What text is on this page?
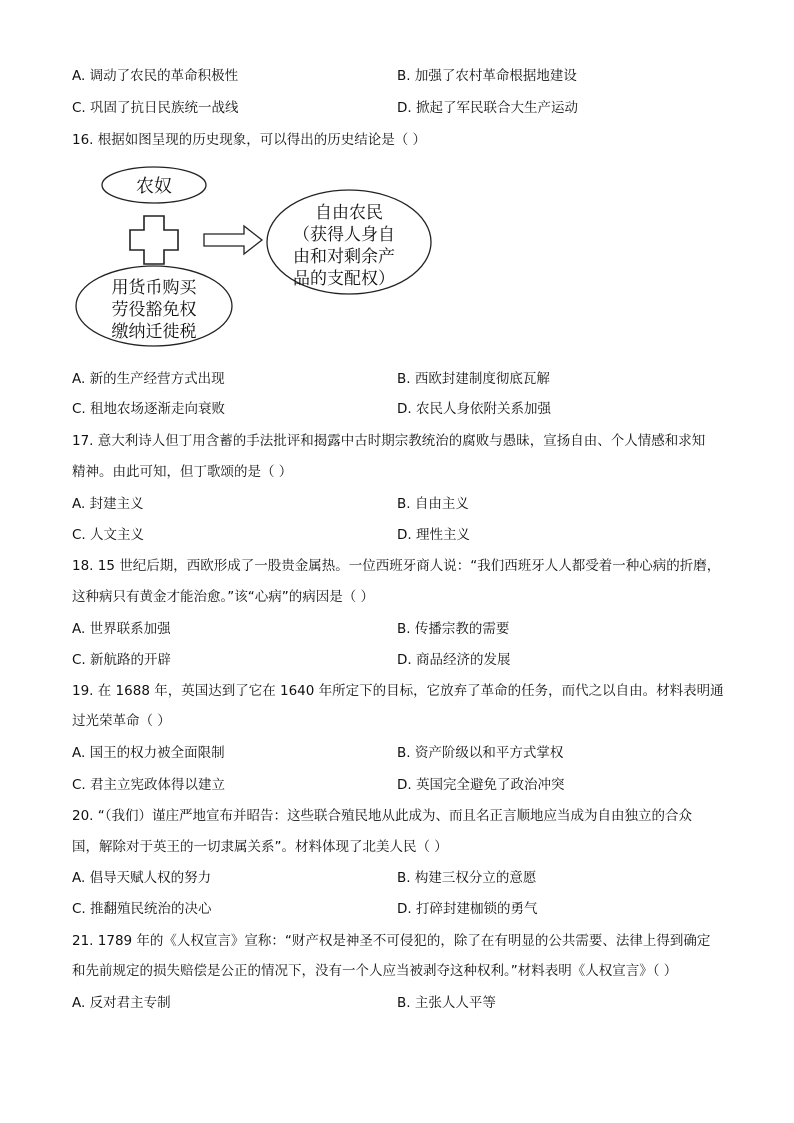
A. 调动了农民的革命积极性	B. 加强了农村革命根据地建设
C. 巩固了抗日民族统一战线	D. 掀起了军民联合大生产运动
16. 根据如图呈现的历史现象，可以得出的历史结论是（ ）
农奴
用货币购买
劳役豁免权
缴纳迁徙税
自由农民
（获得人身自
由和对剩余产
品的支配权）
A. 新的生产经营方式出现	B. 西欧封建制度彻底瓦解
C. 租地农场逐渐走向衰败	D. 农民人身依附关系加强
17. 意大利诗人但丁用含蓄的手法批评和揭露中古时期宗教统治的腐败与愚昧，宣扬自由、个人情感和求知
精神。由此可知，但丁歌颂的是（ ）
A. 封建主义	B. 自由主义
C. 人文主义	D. 理性主义
18. 15 世纪后期，西欧形成了一股贵金属热。一位西班牙商人说：“我们西班牙人人都受着一种心病的折磨，
这种病只有黄金才能治愈。”该“心病”的病因是（ ）
A. 世界联系加强	B. 传播宗教的需要
C. 新航路的开辟	D. 商品经济的发展
19. 在 1688 年，英国达到了它在 1640 年所定下的目标，它放弃了革命的任务，而代之以自由。材料表明通
过光荣革命（ ）
A. 国王的权力被全面限制	B. 资产阶级以和平方式掌权
C. 君主立宪政体得以建立	D. 英国完全避免了政治冲突
20. “（我们）谨庄严地宣布并昭告：这些联合殖民地从此成为、而且名正言顺地应当成为自由独立的合众
国，解除对于英王的一切隶属关系”。材料体现了北美人民（ ）
A. 倡导天赋人权的努力	B. 构建三权分立的意愿
C. 推翻殖民统治的决心	D. 打碎封建枷锁的勇气
21. 1789 年的《人权宣言》宣称：“财产权是神圣不可侵犯的，除了在有明显的公共需要、法律上得到确定
和先前规定的损失赔偿是公正的情况下，没有一个人应当被剥夺这种权利。”材料表明《人权宣言》（ ）
A. 反对君主专制	B. 主张人人平等
